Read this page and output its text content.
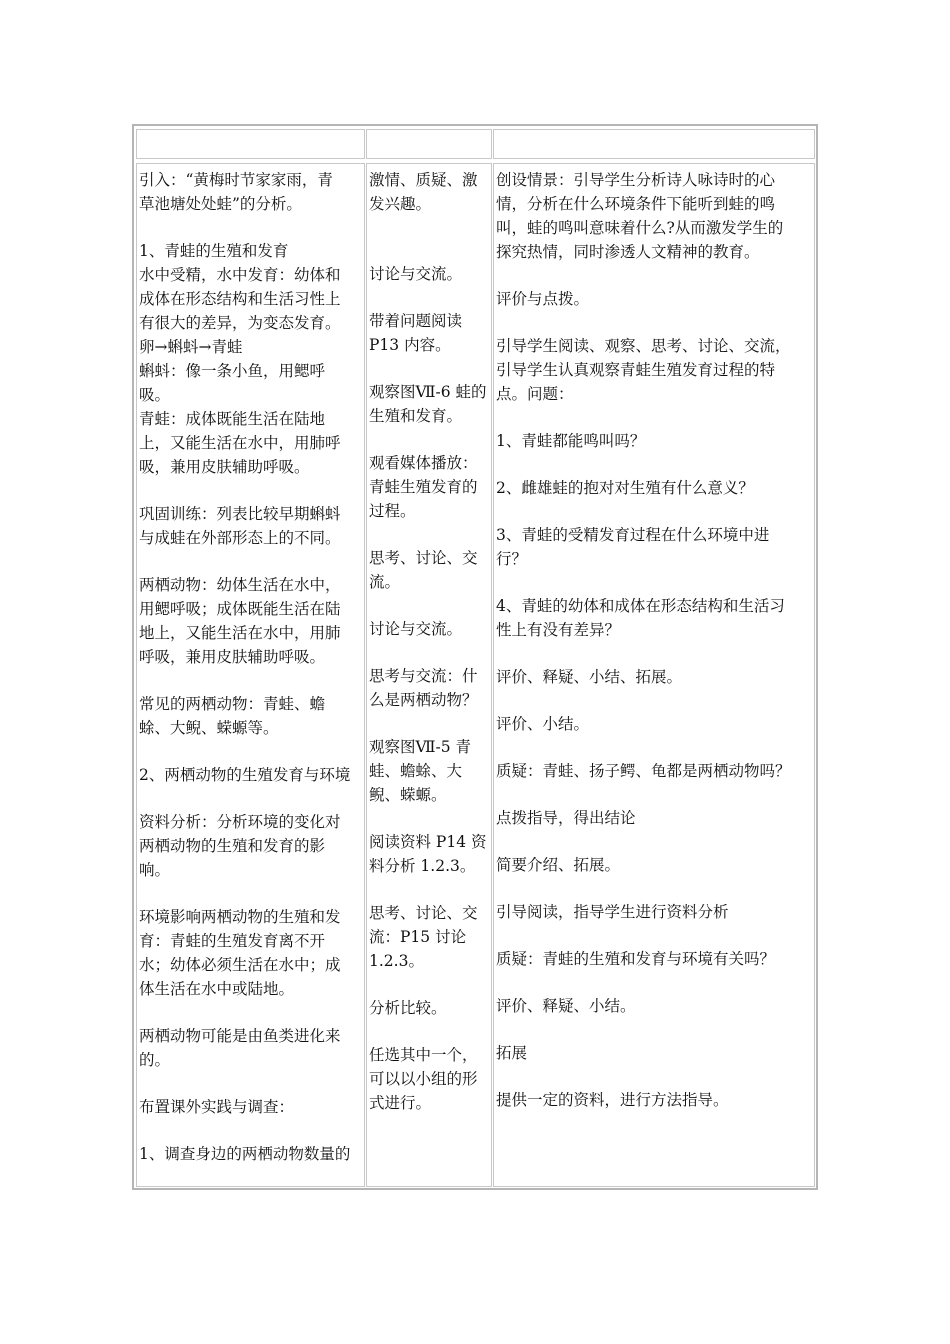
引入：“黄梅时节家家雨，青

草池塘处处蛙”的分析。

1、青蛙的生殖和发育

水中受精，水中发育：幼体和

成体在形态结构和生活习性上

有很大的差异，为变态发育。

卵→蝌蚪→青蛙

蝌蚪：像一条小鱼，用鳃呼

吸。

青蛙：成体既能生活在陆地

上，又能生活在水中，用肺呼

吸，兼用皮肤辅助呼吸。

巩固训练：列表比较早期蝌蚪

与成蛙在外部形态上的不同。

两栖动物：幼体生活在水中，

用鳃呼吸；成体既能生活在陆

地上，又能生活在水中，用肺

呼吸，兼用皮肤辅助呼吸。

常见的两栖动物：青蛙、蟾

蜍、大鲵、蝾螈等。

2、两栖动物的生殖发育与环境

资料分析：分析环境的变化对

两栖动物的生殖和发育的影

响。

环境影响两栖动物的生殖和发

育：青蛙的生殖发育离不开

水；幼体必须生活在水中；成

体生活在水中或陆地。

两栖动物可能是由鱼类进化来

的。

布置课外实践与调查：

1、调查身边的两栖动物数量的

激情、质疑、激

发兴趣。

讨论与交流。

带着问题阅读

P13 内容。

观察图Ⅶ-6 蛙的

生殖和发育。

观看媒体播放：

青蛙生殖发育的

过程。

思考、讨论、交

流。

讨论与交流。

思考与交流：什

么是两栖动物？

观察图Ⅶ-5 青

蛙、蟾蜍、大

鲵、蝾螈。

阅读资料 P14 资

料分析 1.2.3。

思考、讨论、交

流：P15 讨论

1.2.3。

分析比较。

任选其中一个，

可以以小组的形

式进行。

创设情景：引导学生分析诗人咏诗时的心

情，分析在什么环境条件下能听到蛙的鸣

叫，蛙的鸣叫意味着什么?从而激发学生的

探究热情，同时渗透人文精神的教育。

评价与点拨。

引导学生阅读、观察、思考、讨论、交流，

引导学生认真观察青蛙生殖发育过程的特

点。问题：

1、青蛙都能鸣叫吗？

2、雌雄蛙的抱对对生殖有什么意义？

3、青蛙的受精发育过程在什么环境中进

行？

4、青蛙的幼体和成体在形态结构和生活习

性上有没有差异？

评价、释疑、小结、拓展。

评价、小结。

质疑：青蛙、扬子鳄、龟都是两栖动物吗？

点拨指导，得出结论

简要介绍、拓展。

引导阅读，指导学生进行资料分析

质疑：青蛙的生殖和发育与环境有关吗？

评价、释疑、小结。

拓展

提供一定的资料，进行方法指导。
